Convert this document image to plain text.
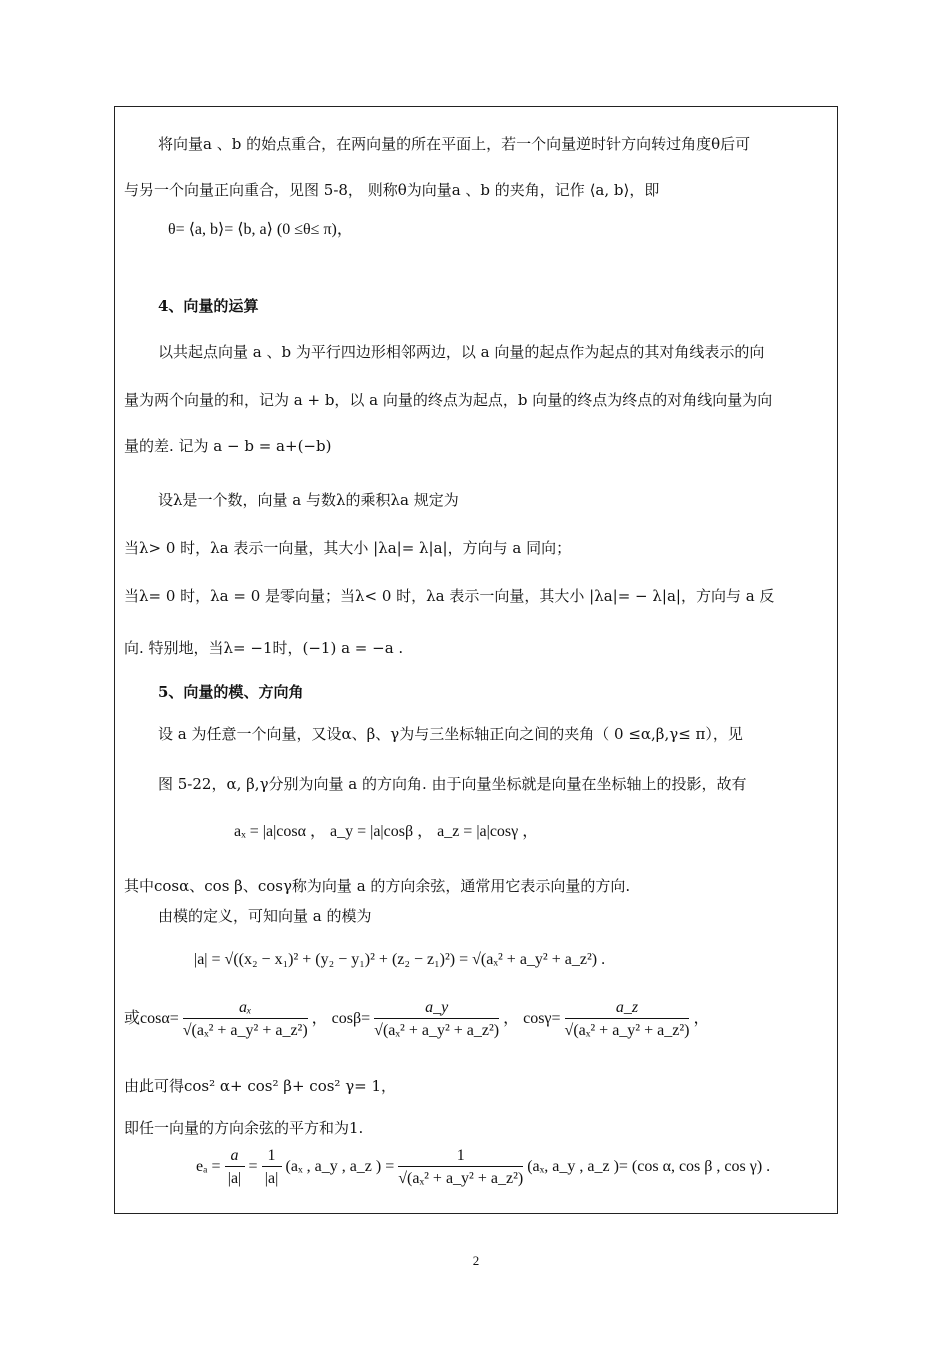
将向量a 、b 的始点重合，在两向量的所在平面上，若一个向量逆时针方向转过角度θ后可
与另一个向量正向重合，见图 5-8， 则称θ为向量a 、b 的夹角，记作 ⟨a, b⟩，即
θ= ⟨a, b⟩= ⟨b, a⟩ (0 ≤θ≤ π)，
4、向量的运算
以共起点向量 a 、b 为平行四边形相邻两边，以 a 向量的起点作为起点的其对角线表示的向
量为两个向量的和，记为 a + b，以 a 向量的终点为起点，b 向量的终点为终点的对角线向量为向
量的差. 记为 a − b = a+(−b)
设λ是一个数，向量 a 与数λ的乘积λa 规定为
当λ> 0 时，λa 表示一向量，其大小 |λa|= λ|a|，方向与 a 同向；
当λ= 0 时，λa = 0 是零向量；当λ< 0 时，λa 表示一向量，其大小 |λa|= − λ|a|，方向与 a 反
向. 特别地，当λ= −1时，(−1) a = −a .
5、向量的模、方向角
设 a 为任意一个向量，又设α、β、γ为与三坐标轴正向之间的夹角（ 0 ≤α,β,γ≤ π），见
图 5-22，α, β,γ分别为向量 a 的方向角. 由于向量坐标就是向量在坐标轴上的投影，故有
aₓ = |a|cosα ， a_y = |a|cosβ ， a_z = |a|cosγ ，
其中cosα、cos β、cosγ称为向量 a 的方向余弦，通常用它表示向量的方向.
由模的定义，可知向量 a 的模为
|a| = √((x₂ − x₁)² + (y₂ − y₁)² + (z₂ − z₁)²) = √(aₓ² + a_y² + a_z²) .
或$\cos\alpha= \frac{\text{aₓ}}{\text{√(aₓ² + a\_y² + a\_z²)}}$ ， $\cos\beta= \frac{a\_y}{\text{√(aₓ² + a\_y² + a\_z²)}}$ ， $\cos\gamma= \frac{a\_z}{\text{√(aₓ² + a\_y² + a\_z²)}}$ ，
由此可得cos² α+ cos² β+ cos² γ= 1，
即任一向量的方向余弦的平方和为1.
$e_a = \frac{a}{|a|} = \frac{1}{|a|} (a_x$ , a_y , a_z ) = $\frac{1}{\text{√(aₓ² + a\_y² + a\_z²)}} (a_x$, a_y , a_z )= (cos α, cos β , cos γ) .
2
